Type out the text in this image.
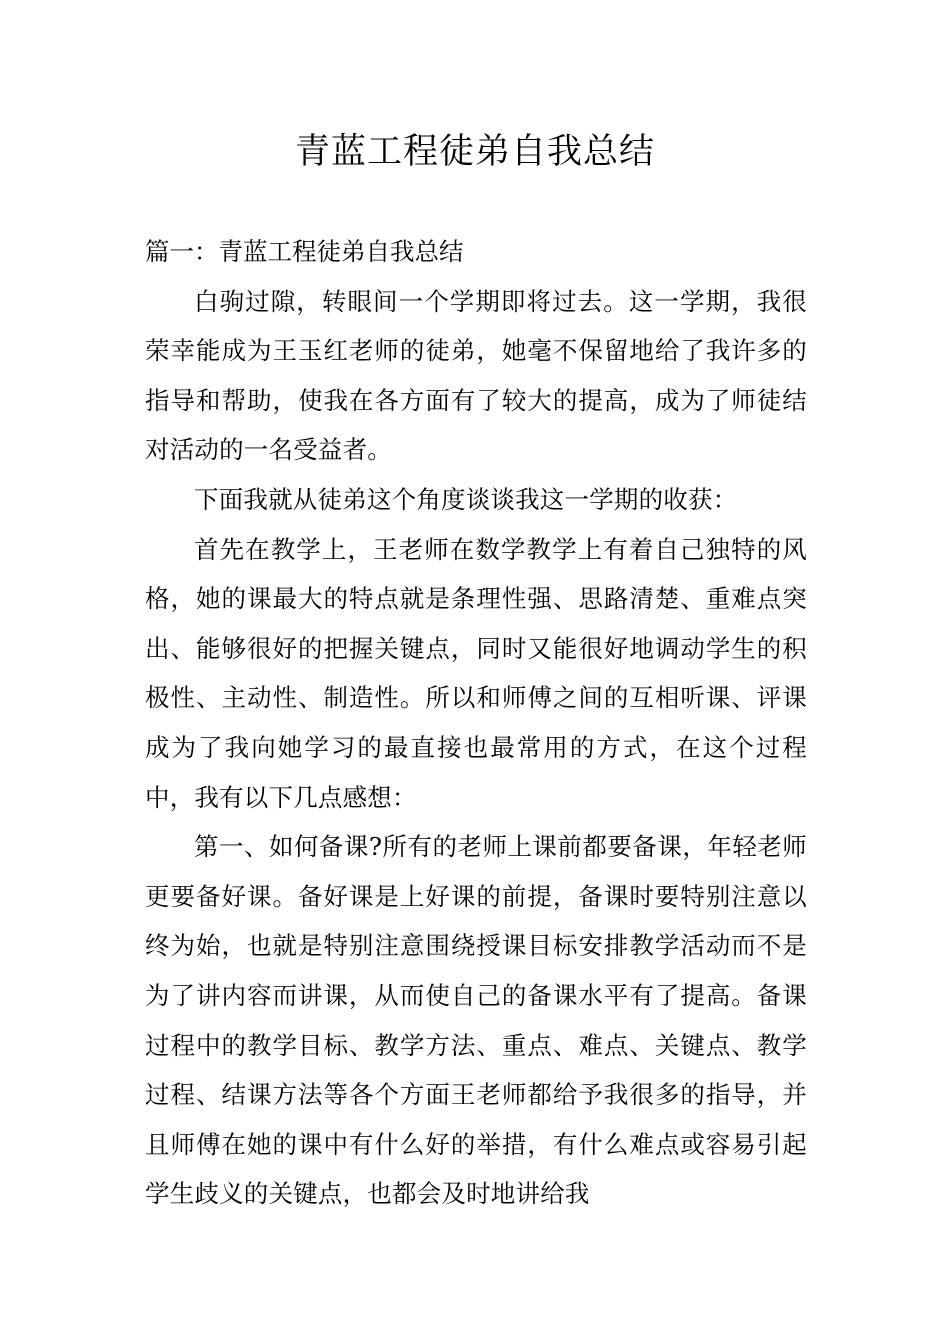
青蓝工程徒弟自我总结

篇一：青蓝工程徒弟自我总结

白驹过隙，转眼间一个学期即将过去。这一学期，我很荣幸能成为王玉红老师的徒弟，她毫不保留地给了我许多的指导和帮助，使我在各方面有了较大的提高，成为了师徒结对活动的一名受益者。

下面我就从徒弟这个角度谈谈我这一学期的收获：

首先在教学上，王老师在数学教学上有着自己独特的风格，她的课最大的特点就是条理性强、思路清楚、重难点突出、能够很好的把握关键点，同时又能很好地调动学生的积极性、主动性、制造性。所以和师傅之间的互相听课、评课成为了我向她学习的最直接也最常用的方式，在这个过程中，我有以下几点感想：

第一、如何备课?所有的老师上课前都要备课，年轻老师更要备好课。备好课是上好课的前提，备课时要特别注意以终为始，也就是特别注意围绕授课目标安排教学活动而不是为了讲内容而讲课，从而使自己的备课水平有了提高。备课过程中的教学目标、教学方法、重点、难点、关键点、教学过程、结课方法等各个方面王老师都给予我很多的指导，并且师傅在她的课中有什么好的举措，有什么难点或容易引起学生歧义的关键点，也都会及时地讲给我
